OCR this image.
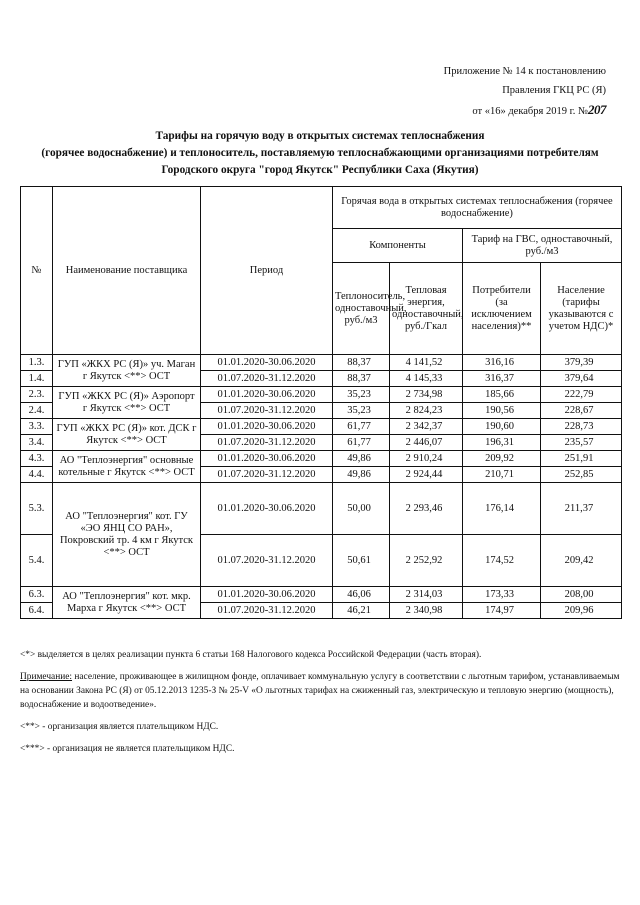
Приложение № 14 к постановлению
Правления ГКЦ РС (Я)
от «16» декабря 2019 г. №207
Тарифы на горячую воду в открытых системах теплоснабжения
(горячее водоснабжение) и теплоноситель, поставляемую теплоснабжающими организациями потребителям
Городского округа "город Якутск" Республики Саха (Якутия)
№	Наименование поставщика	Период	Горячая вода в открытых системах теплоснабжения (горячее водоснабжение)			
			Компоненты		Тариф на ГВС, одноставочный, руб./м3	
			Теплоноситель, одноставочный, руб./м3	Тепловая энергия, одноставочный, руб./Гкал	Потребители (за исключением населения)**	Население (тарифы указываются с учетом НДС)*
1.3.	ГУП «ЖКХ РС (Я)» уч. Маган г Якутск <**> ОСТ	01.01.2020-30.06.2020	88,37	4 141,52	316,16	379,39
1.4.		01.07.2020-31.12.2020	88,37	4 145,33	316,37	379,64
2.3.	ГУП «ЖКХ РС (Я)» Аэропорт г Якутск <**> ОСТ	01.01.2020-30.06.2020	35,23	2 734,98	185,66	222,79
2.4.		01.07.2020-31.12.2020	35,23	2 824,23	190,56	228,67
3.3.	ГУП «ЖКХ РС (Я)» кот. ДСК г Якутск <**> ОСТ	01.01.2020-30.06.2020	61,77	2 342,37	190,60	228,73
3.4.		01.07.2020-31.12.2020	61,77	2 446,07	196,31	235,57
4.3.	АО "Теплоэнергия" основные котельные г Якутск <**> ОСТ	01.01.2020-30.06.2020	49,86	2 910,24	209,92	251,91
4.4.		01.07.2020-31.12.2020	49,86	2 924,44	210,71	252,85
5.3.	АО "Теплоэнергия" кот. ГУ «ЭО ЯНЦ СО РАН», Покровский тр. 4 км г Якутск <**> ОСТ	01.01.2020-30.06.2020	50,00	2 293,46	176,14	211,37
5.4.		01.07.2020-31.12.2020	50,61	2 252,92	174,52	209,42
6.3.	АО "Теплоэнергия" кот. мкр. Марха г Якутск <**> ОСТ	01.01.2020-30.06.2020	46,06	2 314,03	173,33	208,00
6.4.		01.07.2020-31.12.2020	46,21	2 340,98	174,97	209,96

<*> выделяется в целях реализации пункта 6 статьи 168 Налогового кодекса Российской Федерации (часть вторая).

Примечание: население, проживающее в жилищном фонде, оплачивает коммунальную услугу в соответствии с льготным тарифом, устанавливаемым на основании Закона РС (Я) от 05.12.2013 1235-З № 25-V «О льготных тарифах на сжиженный газ, электрическую и тепловую энергию (мощность), водоснабжение и водоотведение».

<**> - организация является плательщиком НДС.

<***> - организация не является плательщиком НДС.
